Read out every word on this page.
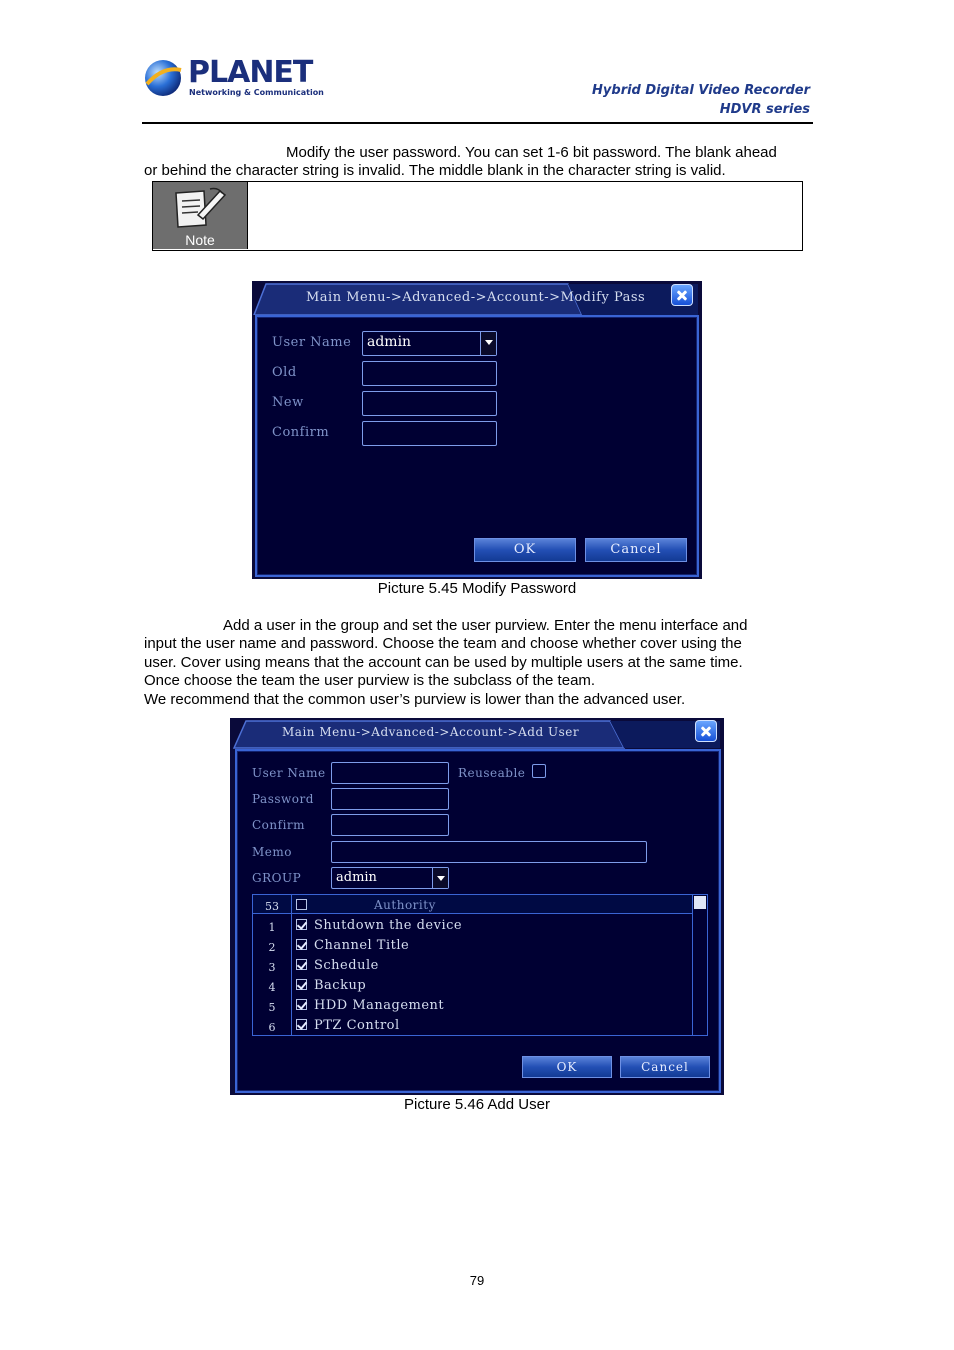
PLANET
Networking & Communication	Hybrid Digital Video Recorder
HDVR series
Modify the user password. You can set 1-6 bit password. The blank ahead
or behind the character string is invalid. The middle blank in the character string is valid.
Note
Main Menu->Advanced->Account->Modify Pass
User Name admin
Old
New
Confirm
OK	Cancel
Picture 5.45 Modify Password
Add a user in the group and set the user purview. Enter the menu interface and
input the user name and password. Choose the team and choose whether cover using the
user. Cover using means that the account can be used by multiple users at the same time.
Once choose the team the user purview is the subclass of the team.
We recommend that the common user’s purview is lower than the advanced user.
Main Menu->Advanced->Account->Add User
User Name	Reuseable
Password
Confirm
Memo
GROUP	admin
53	Authority
1	Shutdown the device
2	Channel Title
3	Schedule
4	Backup
5	HDD Management
6	PTZ Control
OK	Cancel
Picture 5.46 Add User
79
